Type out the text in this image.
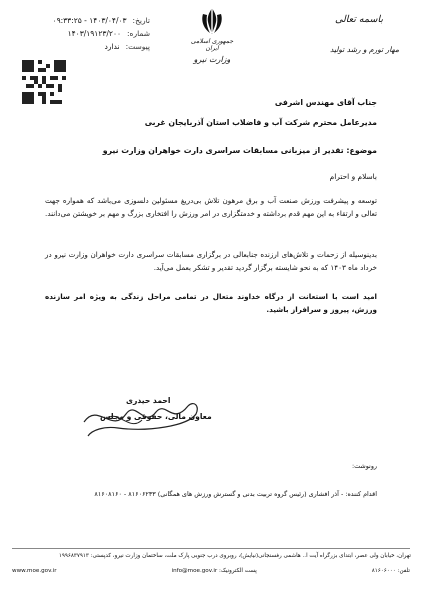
باسمه تعالی
مهار تورم و رشد تولید
جمهوری اسلامی ایران
وزارت نیرو
تاریخ:
۱۴۰۳/۰۴/۰۳ - ۰۹:۳۳:۲۵
شماره:
۱۴۰۳/۱۹۱۲۳/۲۰۰
پیوست:
ندارد
جناب آقای مهندس اشرفی
مدیرعامل محترم شرکت آب و فاضلاب استان آذربایجان غربی
موضوع: تقدیر از میزبانی مسابقات سراسری دارت خواهران وزارت نیرو
باسلام و احترام
توسعه و پیشرفت ورزش صنعت آب و برق مرهون تلاش بی‌دریغ مسئولین دلسوزی می‌باشد که همواره جهت تعالی و ارتقاء به این مهم قدم برداشته و خدمتگزاری در امر ورزش را افتخاری بزرگ و مهم بر خویشتن می‌دانند.
بدینوسیله از زحمات و تلاش‌های ارزنده جنابعالی در برگزاری مسابقات سراسری دارت خواهران وزارت نیرو در خرداد ماه ۱۴۰۳ که به نحو شایسته برگزار گردید تقدیر و تشکر بعمل می‌آید.
امید است با استعانت از درگاه خداوند متعال در تمامی مراحل زندگی به ویژه امر سازنده ورزش، پیروز و سرافراز باشید.
احمد حیدری
معاون مالی، حقوقی و مجلس
رونوشت:
اقدام کننده: - آذر افشاری (رئیس گروه تربیت بدنی و گسترش ورزش های همگانی) ۸۱۶۰۶۲۳۳ - ۸۱۶۰۸۱۶۰
تهران، خیابان ولی عصر، ابتدای بزرگراه آیت ا.. هاشمی رفسنجانی(نیایش)، روبروی درب جنوبی پارک ملت، ساختمان وزارت نیرو، کدپستی: ۱۹۹۶۸۳۷۹۱۳
تلفن: ۸۱۶۰۶۰۰۰
پست الکترونیک: info@moe.gov.ir
www.moe.gov.ir
